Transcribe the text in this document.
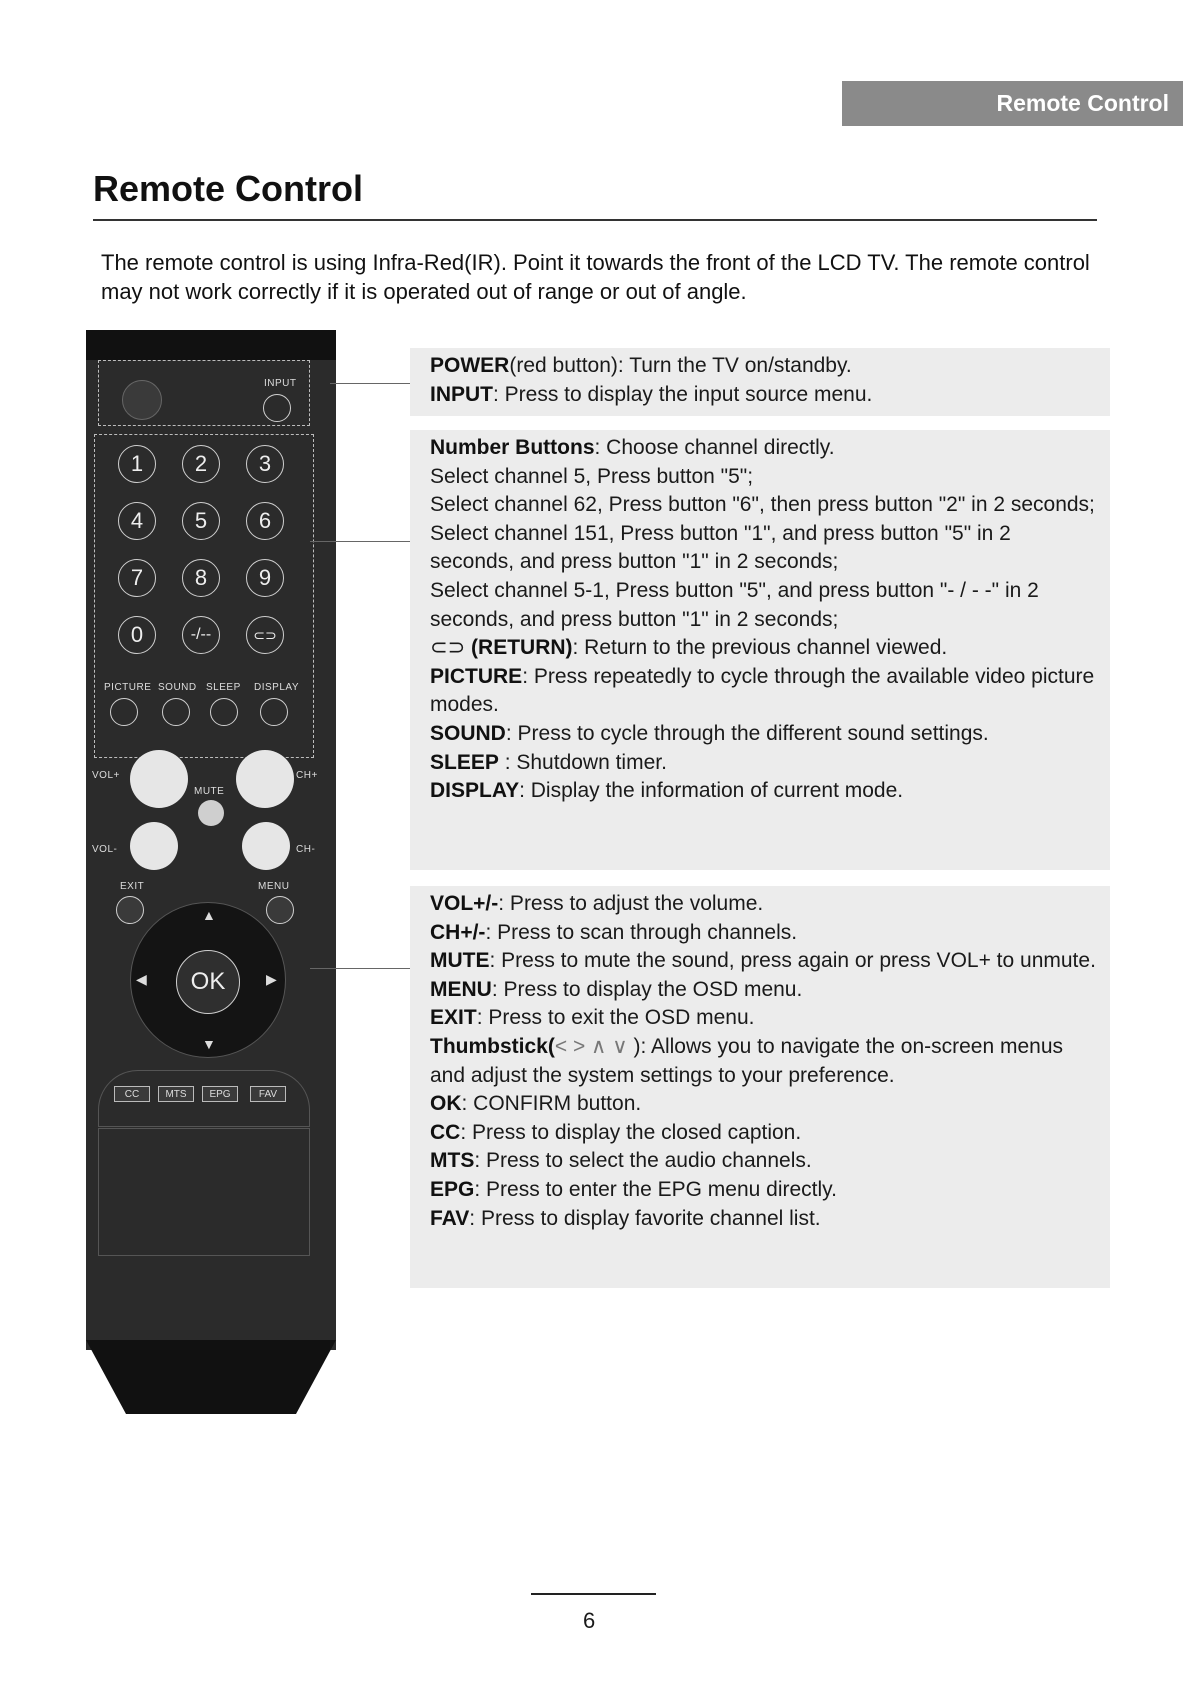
Remote Control
Remote Control
The remote control is using Infra-Red(IR). Point it towards the front of the LCD TV. The remote control may not work correctly if it is operated out of range or out of angle.
INPUT
1	2	3
4	5	6
7	8	9
0	-/--	⊂⊃
PICTURE SOUND SLEEP DISPLAY
VOL+	CH+
MUTE
VOL-	CH-
EXIT	MENU
▲
▼
◀	▶
OK
CC	MTS	EPG	FAV
POWER(red button): Turn the TV on/standby.
INPUT: Press to display the input source menu.
Number Buttons: Choose channel directly.
Select channel 5, Press button "5";
Select channel 62, Press button "6", then press button "2" in 2 seconds;
Select channel 151, Press button "1", and press button "5" in 2 seconds, and press button "1" in 2 seconds;
Select channel 5-1, Press button "5", and press button "- / - -" in 2 seconds, and press button "1" in 2 seconds;
⊂⊃ (RETURN): Return to the previous channel viewed.
PICTURE: Press repeatedly to cycle through the available video picture modes.
SOUND: Press to cycle through the different sound settings.
SLEEP : Shutdown timer.
DISPLAY: Display the information of current mode.
VOL+/-: Press to adjust the volume.
CH+/-: Press to scan through channels.
MUTE: Press to mute the sound, press again or press VOL+ to unmute.
MENU: Press to display the OSD menu.
EXIT: Press to exit the OSD menu.
Thumbstick(< > ∧ ∨ ): Allows you to navigate the on-screen menus and adjust the system settings to your preference.
OK: CONFIRM button.
CC: Press to display the closed caption.
MTS: Press to select the audio channels.
EPG: Press to enter the EPG menu directly.
FAV: Press to display favorite channel list.
6
